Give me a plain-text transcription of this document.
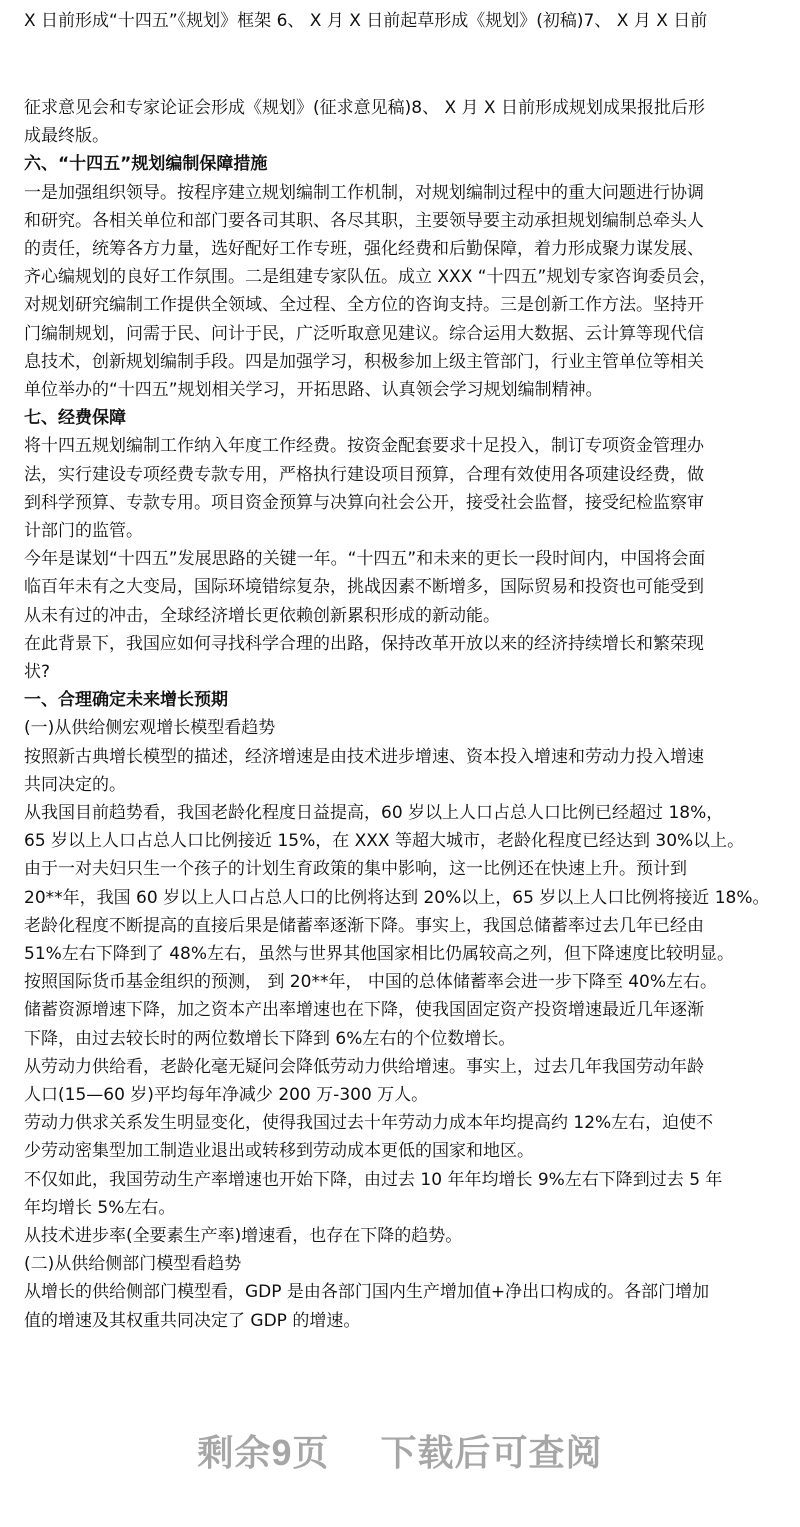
X 日前形成“十四五”《规划》框架 6、 X 月 X 日前起草形成《规划》(初稿)7、 X 月 X 日前
征求意见会和专家论证会形成《规划》(征求意见稿)8、 X 月 X 日前形成规划成果报批后形
成最终版。
六、“十四五”规划编制保障措施
一是加强组织领导。按程序建立规划编制工作机制，对规划编制过程中的重大问题进行协调
和研究。各相关单位和部门要各司其职、各尽其职，主要领导要主动承担规划编制总牵头人
的责任，统筹各方力量，选好配好工作专班，强化经费和后勤保障，着力形成聚力谋发展、
齐心编规划的良好工作氛围。二是组建专家队伍。成立 XXX “十四五”规划专家咨询委员会，
对规划研究编制工作提供全领域、全过程、全方位的咨询支持。三是创新工作方法。坚持开
门编制规划，问需于民、问计于民，广泛听取意见建议。综合运用大数据、云计算等现代信
息技术，创新规划编制手段。四是加强学习，积极参加上级主管部门，行业主管单位等相关
单位举办的“十四五”规划相关学习，开拓思路、认真领会学习规划编制精神。
七、经费保障
将十四五规划编制工作纳入年度工作经费。按资金配套要求十足投入，制订专项资金管理办
法，实行建设专项经费专款专用，严格执行建设项目预算，合理有效使用各项建设经费，做
到科学预算、专款专用。项目资金预算与决算向社会公开，接受社会监督，接受纪检监察审
计部门的监管。
今年是谋划“十四五”发展思路的关键一年。“十四五”和未来的更长一段时间内，中国将会面
临百年未有之大变局，国际环境错综复杂，挑战因素不断增多，国际贸易和投资也可能受到
从未有过的冲击，全球经济增长更依赖创新累积形成的新动能。
在此背景下，我国应如何寻找科学合理的出路，保持改革开放以来的经济持续增长和繁荣现
状?
一、合理确定未来增长预期
(一)从供给侧宏观增长模型看趋势
按照新古典增长模型的描述，经济增速是由技术进步增速、资本投入增速和劳动力投入增速
共同决定的。
从我国目前趋势看，我国老龄化程度日益提高，60 岁以上人口占总人口比例已经超过 18%，
65 岁以上人口占总人口比例接近 15%，在 XXX 等超大城市，老龄化程度已经达到 30%以上。
由于一对夫妇只生一个孩子的计划生育政策的集中影响，这一比例还在快速上升。预计到
20**年，我国 60 岁以上人口占总人口的比例将达到 20%以上，65 岁以上人口比例将接近 18%。
老龄化程度不断提高的直接后果是储蓄率逐渐下降。事实上，我国总储蓄率过去几年已经由
51%左右下降到了 48%左右，虽然与世界其他国家相比仍属较高之列，但下降速度比较明显。
按照国际货币基金组织的预测， 到 20**年， 中国的总体储蓄率会进一步下降至 40%左右。
储蓄资源增速下降，加之资本产出率增速也在下降，使我国固定资产投资增速最近几年逐渐
下降，由过去较长时的两位数增长下降到 6%左右的个位数增长。
从劳动力供给看，老龄化毫无疑问会降低劳动力供给增速。事实上，过去几年我国劳动年龄
人口(15—60 岁)平均每年净减少 200 万-300 万人。
劳动力供求关系发生明显变化，使得我国过去十年劳动力成本年均提高约 12%左右，迫使不
少劳动密集型加工制造业退出或转移到劳动成本更低的国家和地区。
不仅如此，我国劳动生产率增速也开始下降，由过去 10 年年均增长 9%左右下降到过去 5 年
年均增长 5%左右。
从技术进步率(全要素生产率)增速看，也存在下降的趋势。
(二)从供给侧部门模型看趋势
从增长的供给侧部门模型看，GDP 是由各部门国内生产增加值+净出口构成的。各部门增加
值的增速及其权重共同决定了 GDP 的增速。
剩余9页 下载后可查阅
